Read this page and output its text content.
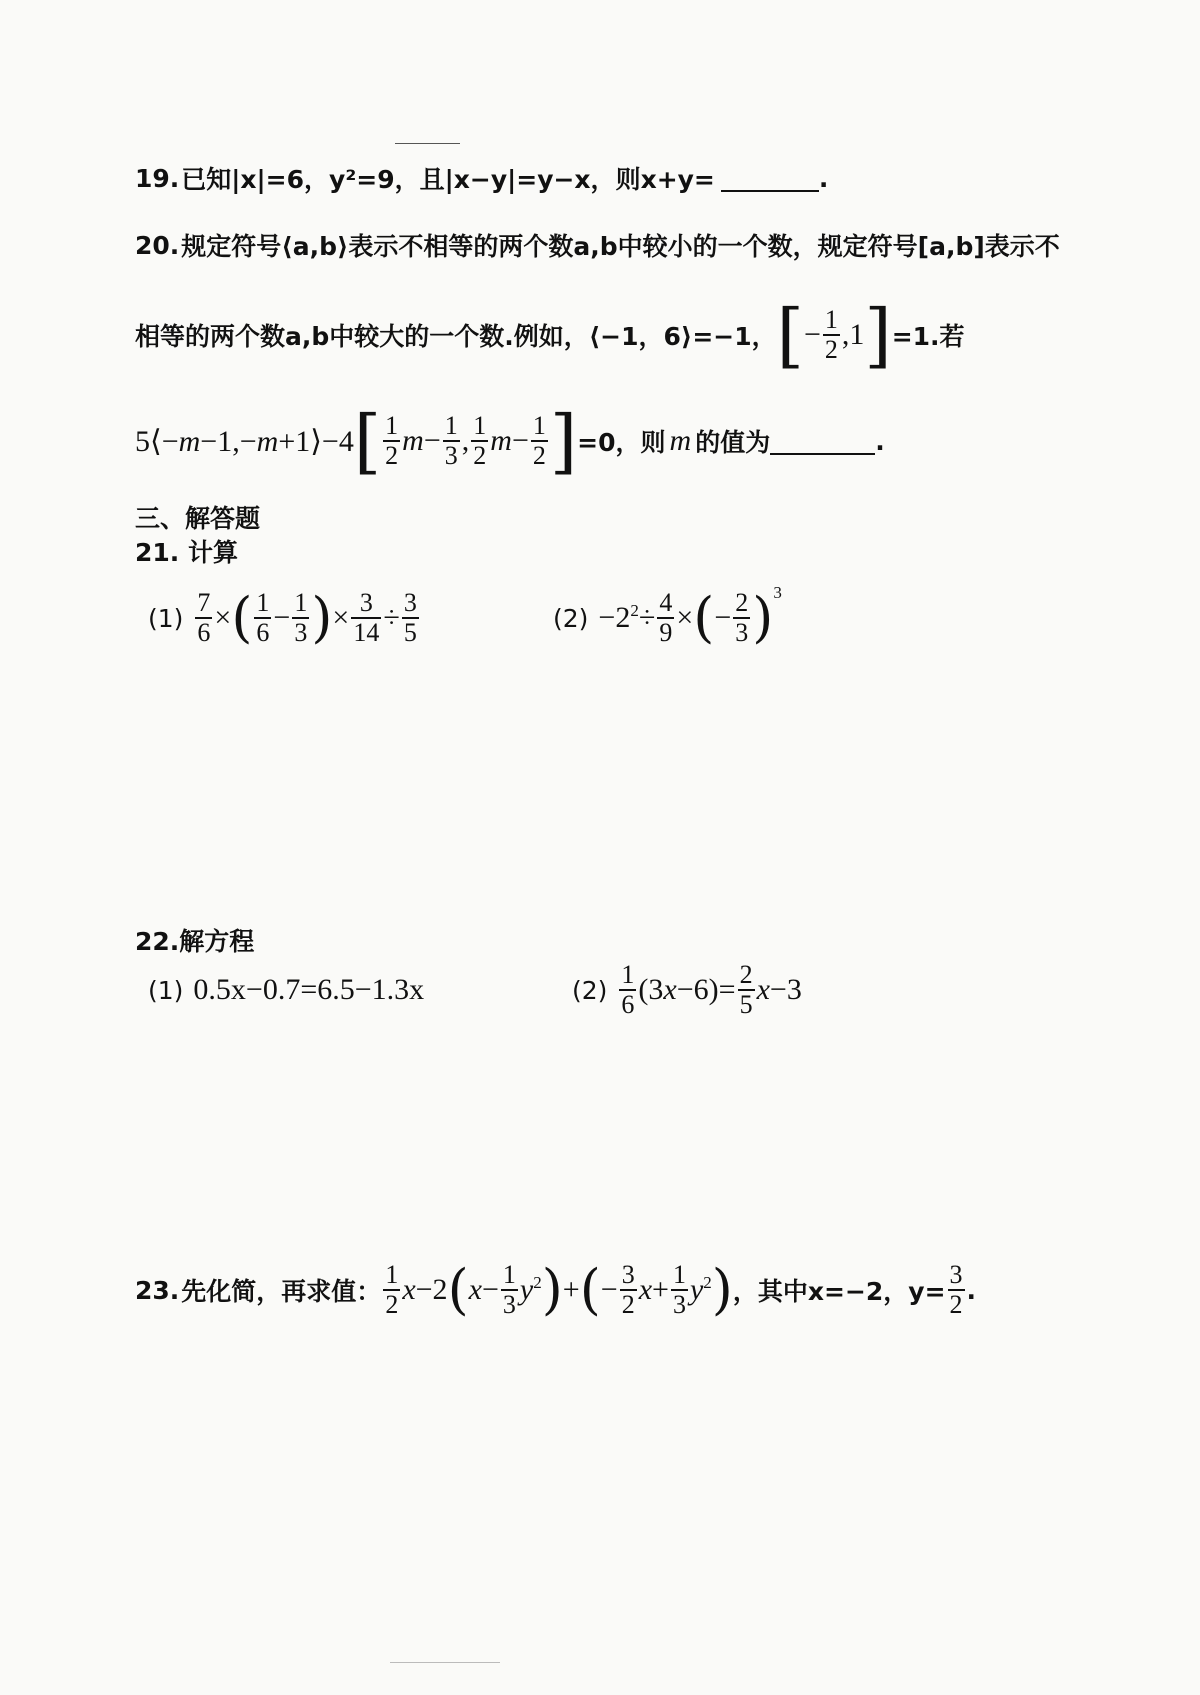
19. 已知|x|=6，y²=9，且|x−y|=y−x，则x+y=	.
20. 规定符号⟨a,b⟩表示不相等的两个数a,b中较小的一个数，规定符号[a,b]表示不
相等的两个数a,b中较大的一个数.例如，⟨−1，6⟩=−1， [ − $\frac{1}{2} ,1$ ] =1.若
5⟨−m−1,−m+1⟩−4 [ $\frac{1}{2}$ $m - \frac{1}{3}$ , $\frac{1}{2}$ $m - \frac{1}{2}$ ] =0，则 m 的值为	.
三、解答题
21. 计算
$(1) \frac{7}{6}$ × ( $\frac{1}{6} - \frac{1}{3}$ ) × $\frac{3}{14} \div \frac{3}{5}$	$(2) -2^2\div \frac{4}{9}$ × ( − $\frac{2}{3}$ ) 3
22.解方程
(1) 0.5x−0.7=6.5−1.3x	$(2) \frac{1}{6} (3x-6)= \frac{2}{5} x-3$
23. 先化简，再求值： $\frac{1}{2} x-2$ ( $x- \frac{1}{3} y^2$ ) + ( − $\frac{3}{2} x+ \frac{1}{3} y^2$ ) ，其中x=−2，$y= \frac{3}{2}$ .
